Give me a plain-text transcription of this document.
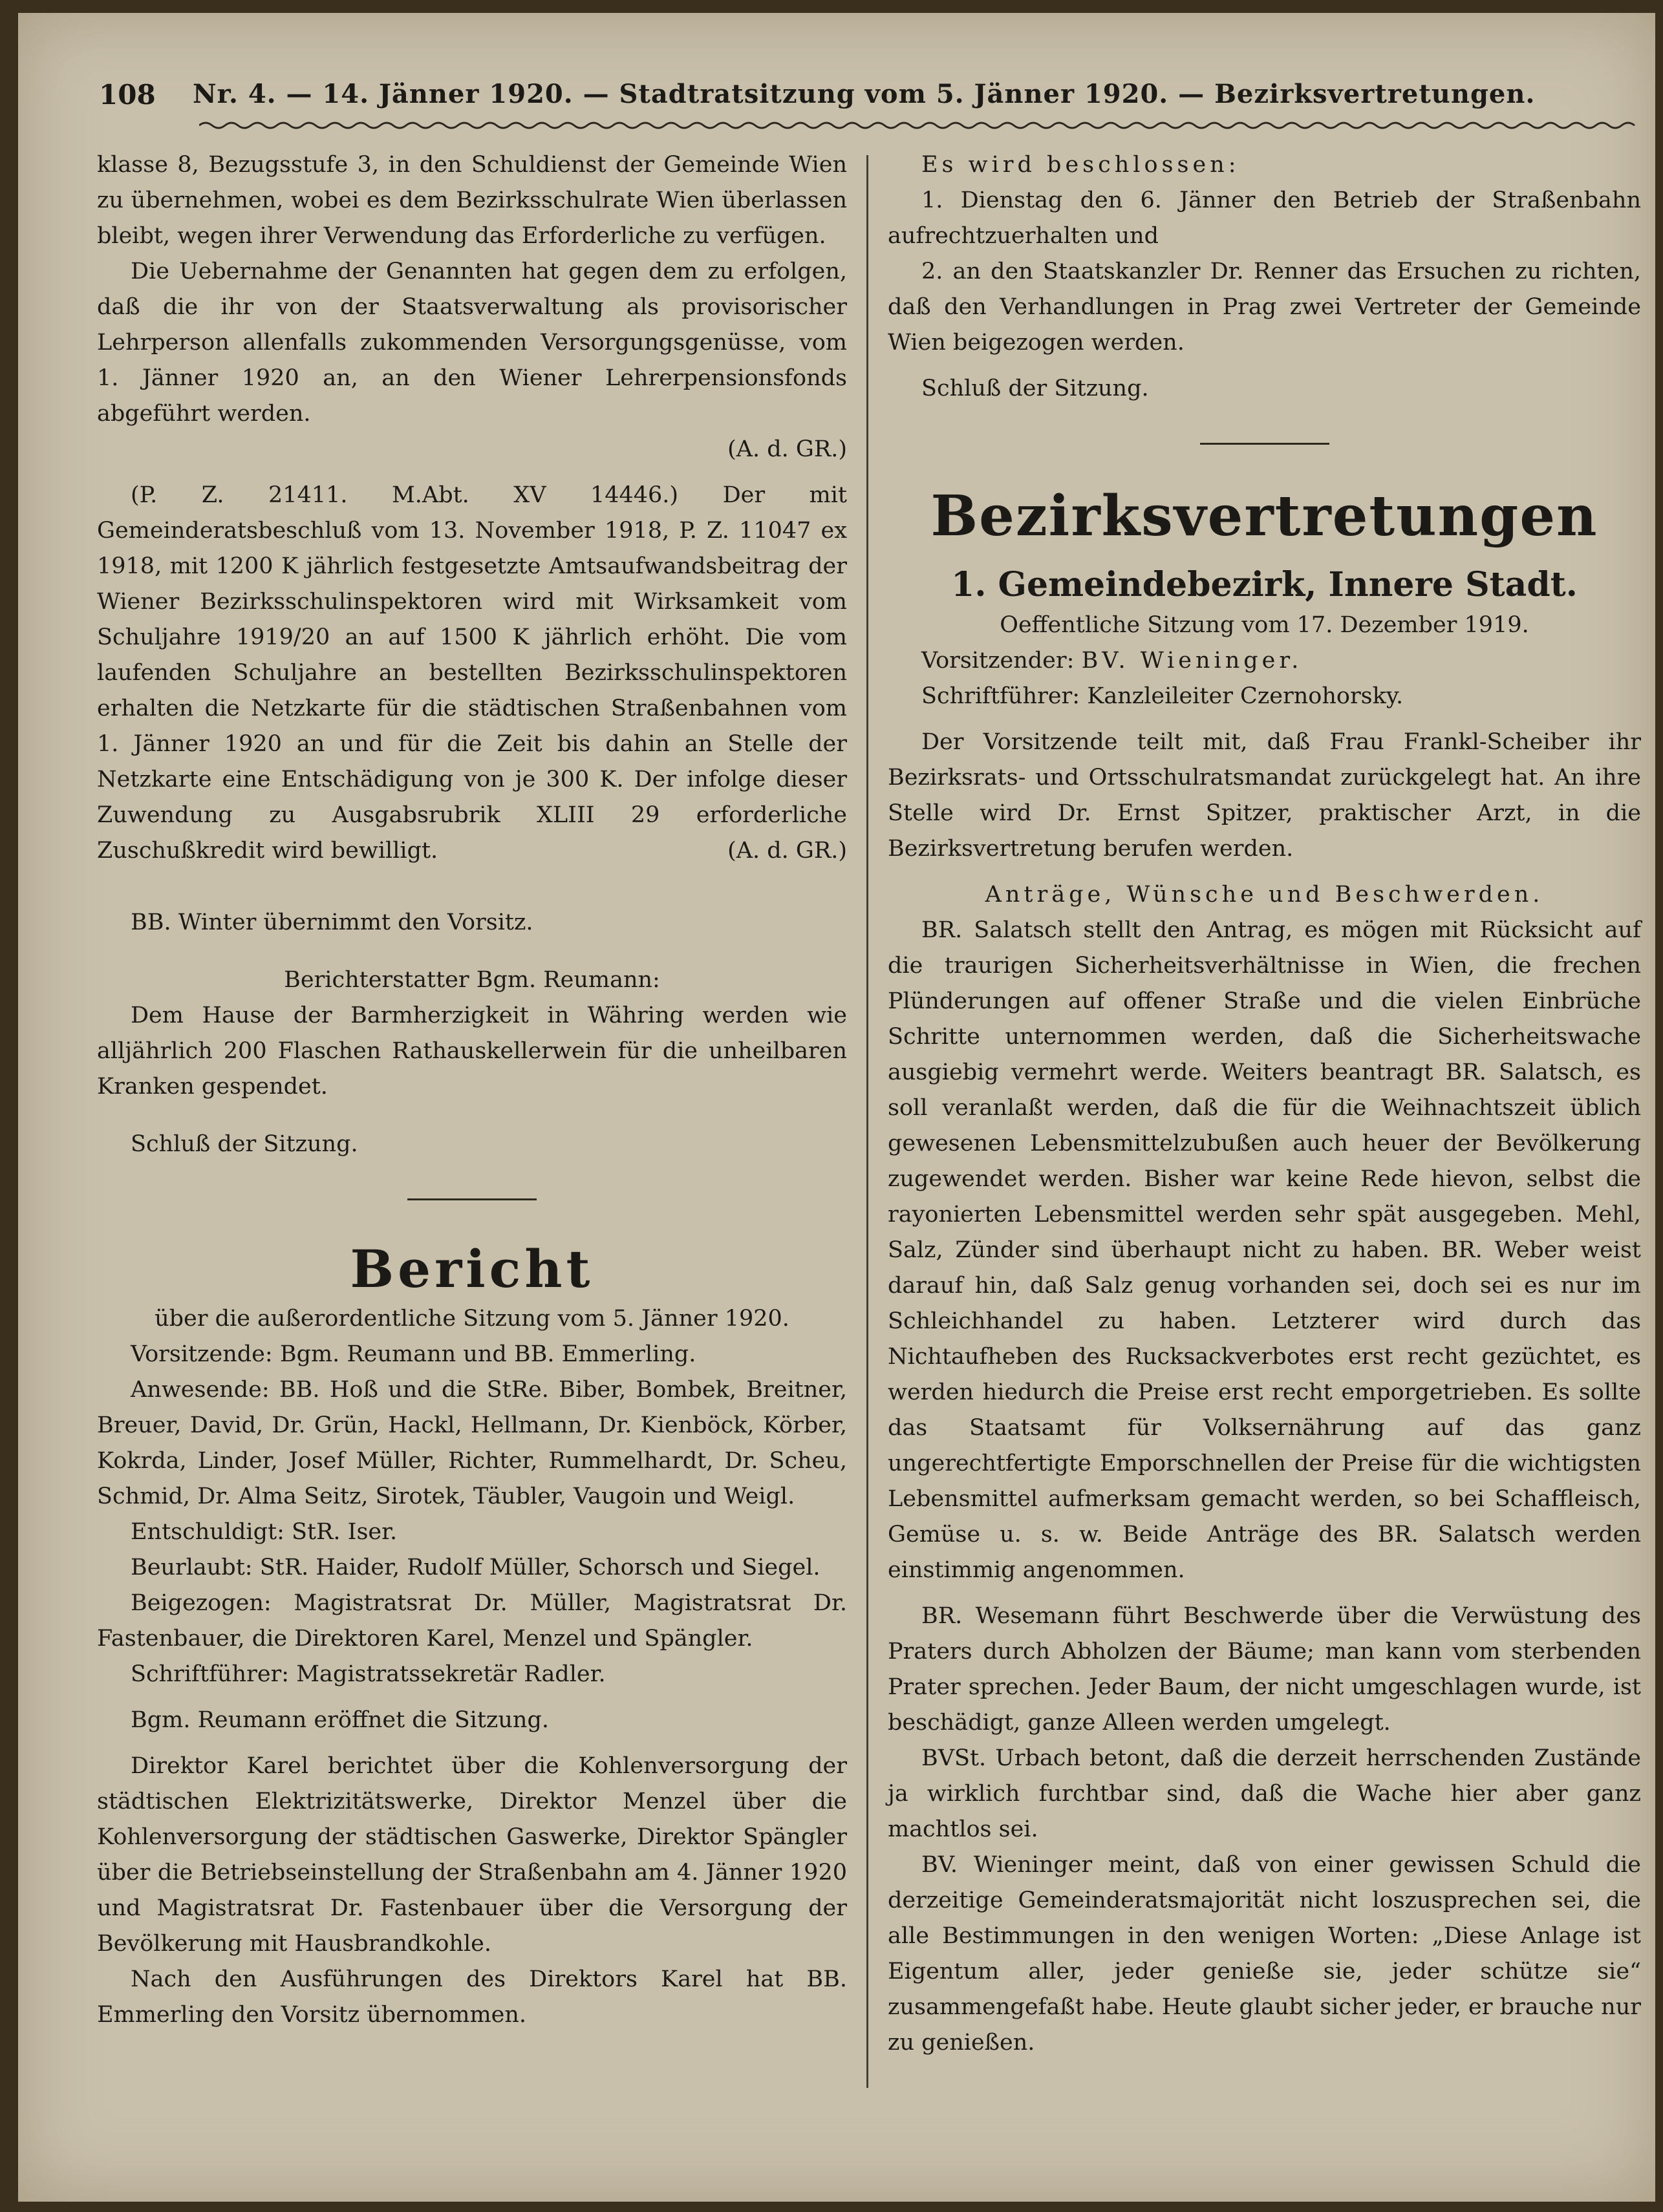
108 Nr. 4. — 14. Jänner 1920. — Stadtratsitzung vom 5. Jänner 1920. — Bezirksvertretungen.

klasse 8, Bezugsstufe 3, in den Schuldienst der Gemeinde Wien zu übernehmen, wobei es dem Bezirksschulrate Wien überlassen bleibt, wegen ihrer Verwendung das Erforderliche zu verfügen.

Die Uebernahme der Genannten hat gegen dem zu erfolgen, daß die ihr von der Staatsverwaltung als provisorischer Lehrperson allenfalls zukommenden Versorgungsgenüsse, vom 1. Jänner 1920 an, an den Wiener Lehrerpensionsfonds abgeführt werden.

(A. d. GR.)

(P. Z. 21411. M.Abt. XV 14446.) Der mit Gemeinderatsbeschluß vom 13. November 1918, P. Z. 11047 ex 1918, mit 1200 K jährlich festgesetzte Amtsaufwandsbeitrag der Wiener Bezirksschulinspektoren wird mit Wirksamkeit vom Schuljahre 1919/20 an auf 1500 K jährlich erhöht. Die vom laufenden Schuljahre an bestellten Bezirksschulinspektoren erhalten die Netzkarte für die städtischen Straßenbahnen vom 1. Jänner 1920 an und für die Zeit bis dahin an Stelle der Netzkarte eine Entschädigung von je 300 K. Der infolge dieser Zuwendung zu Ausgabsrubrik XLIII 29 erforderliche Zuschußkredit wird bewilligt.	(A. d. GR.)

BB. Winter übernimmt den Vorsitz.

Berichterstatter Bgm. Reumann:

Dem Hause der Barmherzigkeit in Währing werden wie alljährlich 200 Flaschen Rathauskellerwein für die unheilbaren Kranken gespendet.

Schluß der Sitzung.

Bericht

über die außerordentliche Sitzung vom 5. Jänner 1920.

Vorsitzende: Bgm. Reumann und BB. Emmerling.

Anwesende: BB. Hoß und die StRe. Biber, Bombek, Breitner, Breuer, David, Dr. Grün, Hackl, Hellmann, Dr. Kienböck, Körber, Kokrda, Linder, Josef Müller, Richter, Rummelhardt, Dr. Scheu, Schmid, Dr. Alma Seitz, Sirotek, Täubler, Vaugoin und Weigl.

Entschuldigt: StR. Iser.

Beurlaubt: StR. Haider, Rudolf Müller, Schorsch und Siegel.

Beigezogen: Magistratsrat Dr. Müller, Magistratsrat Dr. Fastenbauer, die Direktoren Karel, Menzel und Spängler.

Schriftführer: Magistratssekretär Radler.

Bgm. Reumann eröffnet die Sitzung.

Direktor Karel berichtet über die Kohlenversorgung der städtischen Elektrizitätswerke, Direktor Menzel über die Kohlenversorgung der städtischen Gaswerke, Direktor Spängler über die Betriebseinstellung der Straßenbahn am 4. Jänner 1920 und Magistratsrat Dr. Fastenbauer über die Versorgung der Bevölkerung mit Hausbrandkohle.

Nach den Ausführungen des Direktors Karel hat BB. Emmerling den Vorsitz übernommen.

Es wird beschlossen:

1. Dienstag den 6. Jänner den Betrieb der Straßenbahn aufrechtzuerhalten und

2. an den Staatskanzler Dr. Renner das Ersuchen zu richten, daß den Verhandlungen in Prag zwei Vertreter der Gemeinde Wien beigezogen werden.

Schluß der Sitzung.

Bezirksvertretungen
1. Gemeindebezirk, Innere Stadt.

Oeffentliche Sitzung vom 17. Dezember 1919.

Vorsitzender: BV. Wieninger.

Schriftführer: Kanzleileiter Czernohorsky.

Der Vorsitzende teilt mit, daß Frau Frankl-Scheiber ihr Bezirksrats- und Ortsschulratsmandat zurückgelegt hat. An ihre Stelle wird Dr. Ernst Spitzer, praktischer Arzt, in die Bezirksvertretung berufen werden.

Anträge, Wünsche und Beschwerden.

BR. Salatsch stellt den Antrag, es mögen mit Rücksicht auf die traurigen Sicherheitsverhältnisse in Wien, die frechen Plünderungen auf offener Straße und die vielen Einbrüche Schritte unternommen werden, daß die Sicherheitswache ausgiebig vermehrt werde. Weiters beantragt BR. Salatsch, es soll veranlaßt werden, daß die für die Weihnachtszeit üblich gewesenen Lebensmittelzubußen auch heuer der Bevölkerung zugewendet werden. Bisher war keine Rede hievon, selbst die rayonierten Lebensmittel werden sehr spät ausgegeben. Mehl, Salz, Zünder sind überhaupt nicht zu haben. BR. Weber weist darauf hin, daß Salz genug vorhanden sei, doch sei es nur im Schleichhandel zu haben. Letzterer wird durch das Nichtaufheben des Rucksackverbotes erst recht gezüchtet, es werden hiedurch die Preise erst recht emporgetrieben. Es sollte das Staatsamt für Volksernährung auf das ganz ungerechtfertigte Emporschnellen der Preise für die wichtigsten Lebensmittel aufmerksam gemacht werden, so bei Schaffleisch, Gemüse u. s. w. Beide Anträge des BR. Salatsch werden einstimmig angenommen.

BR. Wesemann führt Beschwerde über die Verwüstung des Praters durch Abholzen der Bäume; man kann vom sterbenden Prater sprechen. Jeder Baum, der nicht umgeschlagen wurde, ist beschädigt, ganze Alleen werden umgelegt.

BVSt. Urbach betont, daß die derzeit herrschenden Zustände ja wirklich furchtbar sind, daß die Wache hier aber ganz machtlos sei.

BV. Wieninger meint, daß von einer gewissen Schuld die derzeitige Gemeinderatsmajorität nicht loszusprechen sei, die alle Bestimmungen in den wenigen Worten: „Diese Anlage ist Eigentum aller, jeder genieße sie, jeder schütze sie“ zusammengefaßt habe. Heute glaubt sicher jeder, er brauche nur zu genießen.
